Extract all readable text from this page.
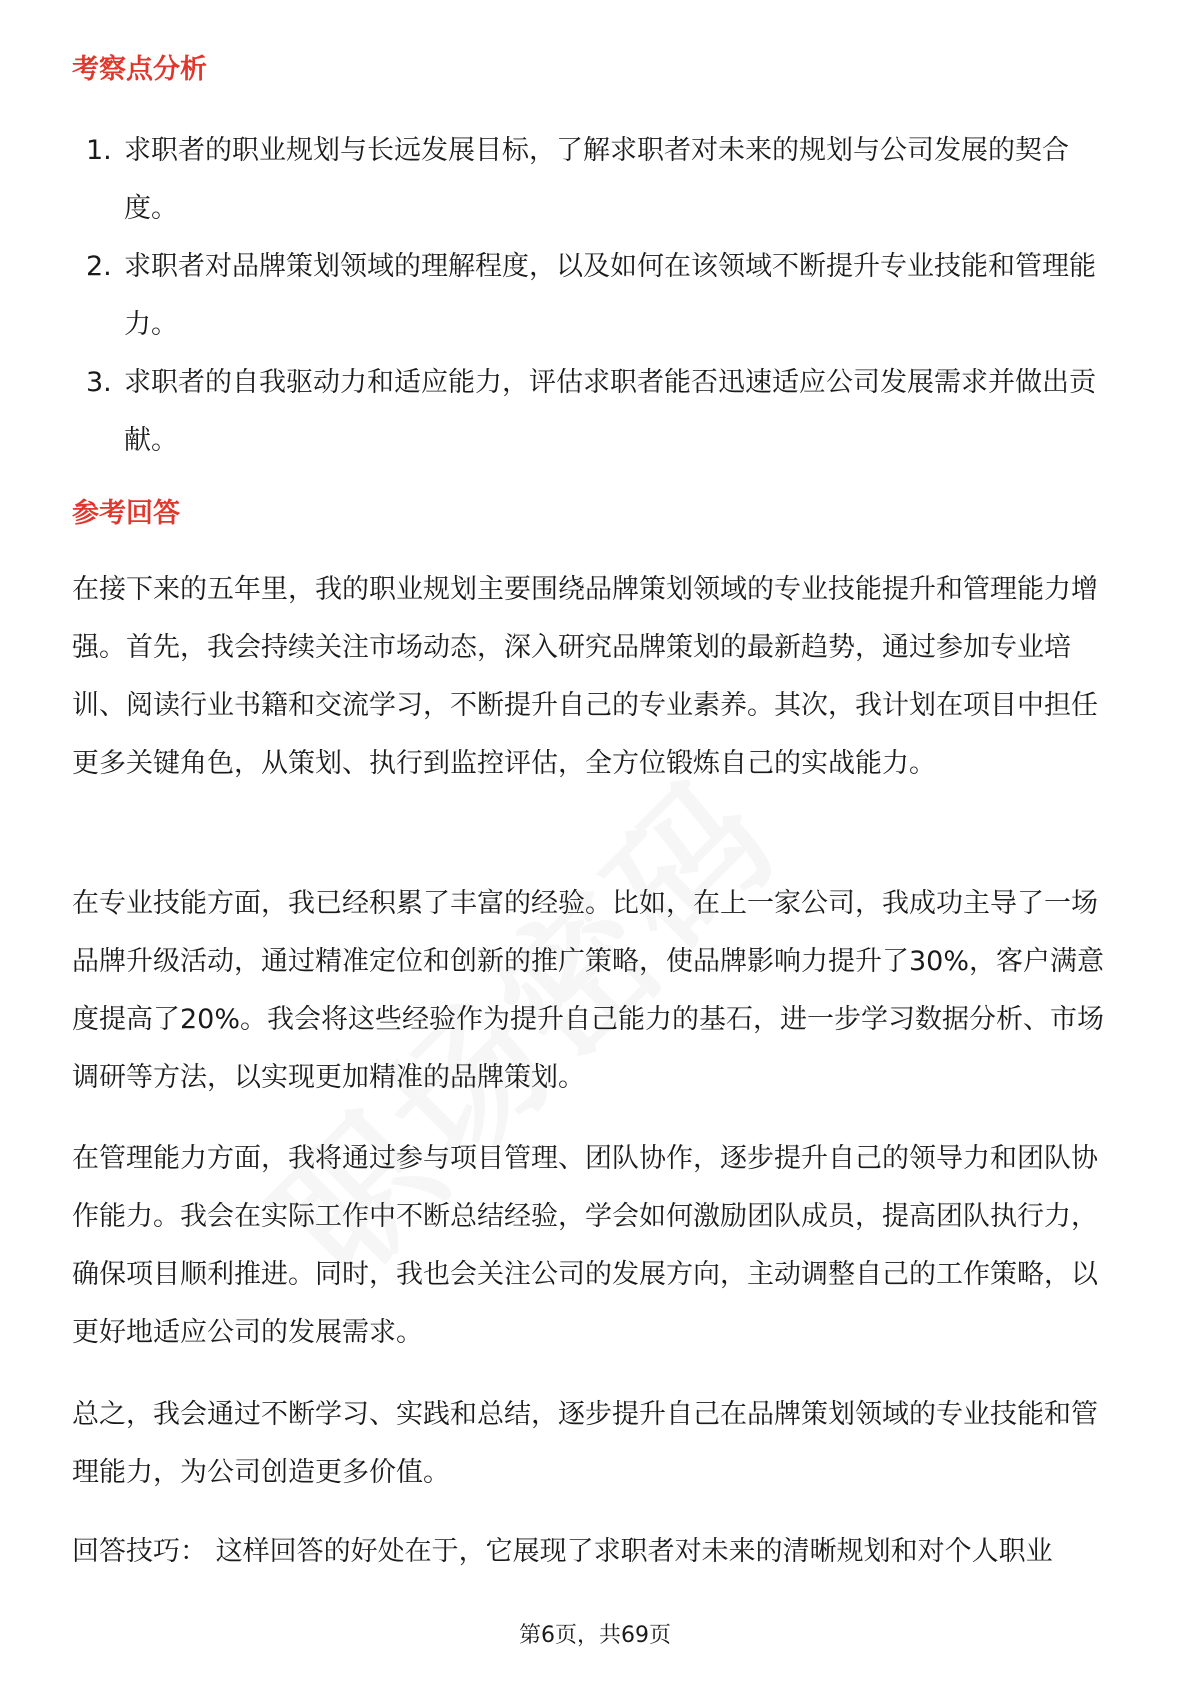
考察点分析
1. 求职者的职业规划与长远发展目标，了解求职者对未来的规划与公司发展的契合度。
2. 求职者对品牌策划领域的理解程度，以及如何在该领域不断提升专业技能和管理能力。
3. 求职者的自我驱动力和适应能力，评估求职者能否迅速适应公司发展需求并做出贡献。
参考回答

在接下来的五年里，我的职业规划主要围绕品牌策划领域的专业技能提升和管理能力增强。首先，我会持续关注市场动态，深入研究品牌策划的最新趋势，通过参加专业培训、阅读行业书籍和交流学习，不断提升自己的专业素养。其次，我计划在项目中担任更多关键角色，从策划、执行到监控评估，全方位锻炼自己的实战能力。

在专业技能方面，我已经积累了丰富的经验。比如，在上一家公司，我成功主导了一场品牌升级活动，通过精准定位和创新的推广策略，使品牌影响力提升了30%，客户满意度提高了20%。我会将这些经验作为提升自己能力的基石，进一步学习数据分析、市场调研等方法，以实现更加精准的品牌策划。

在管理能力方面，我将通过参与项目管理、团队协作，逐步提升自己的领导力和团队协作能力。我会在实际工作中不断总结经验，学会如何激励团队成员，提高团队执行力，确保项目顺利推进。同时，我也会关注公司的发展方向，主动调整自己的工作策略，以更好地适应公司的发展需求。

总之，我会通过不断学习、实践和总结，逐步提升自己在品牌策划领域的专业技能和管理能力，为公司创造更多价值。

回答技巧： 这样回答的好处在于，它展现了求职者对未来的清晰规划和对个人职业

第6页，共69页
